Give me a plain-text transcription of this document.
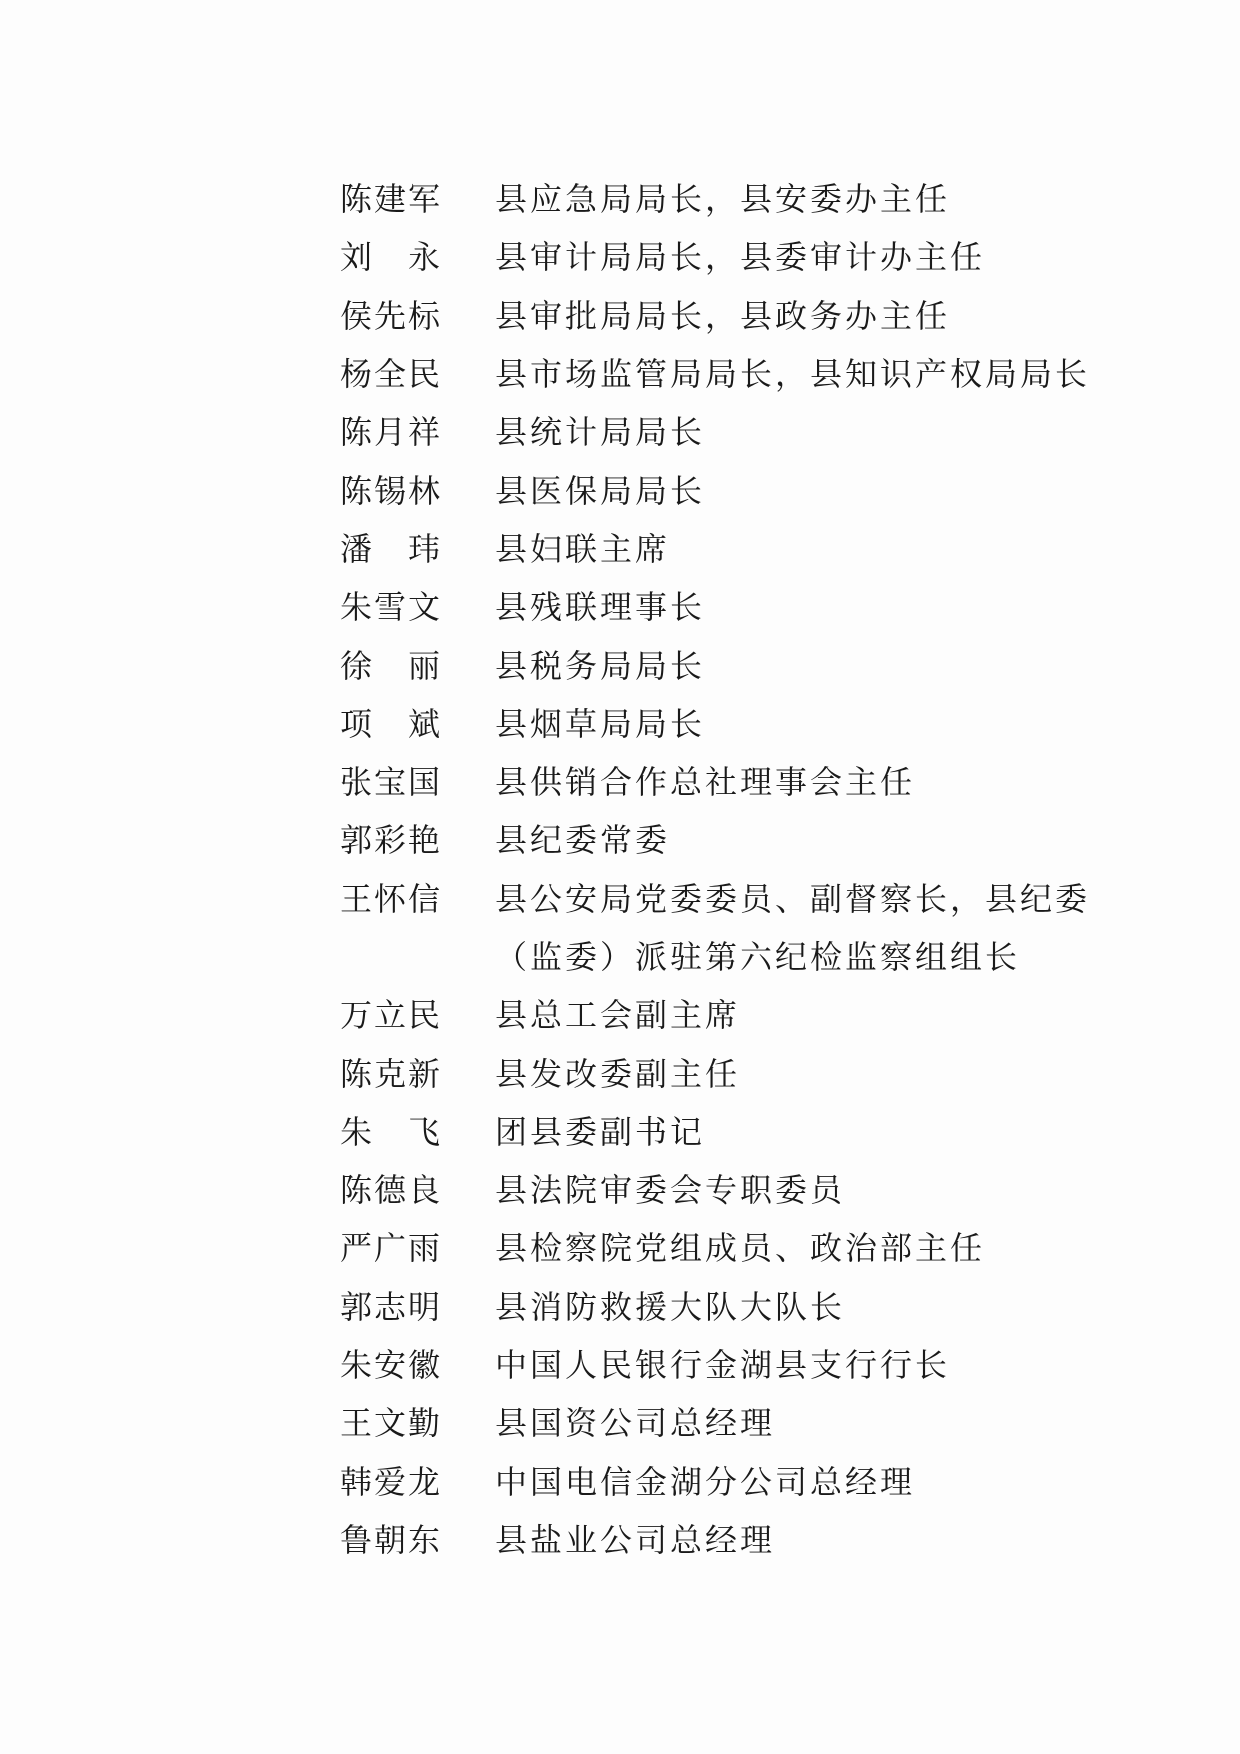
陈建军	县应急局局长，县安委办主任
刘　永	县审计局局长，县委审计办主任
侯先标	县审批局局长，县政务办主任
杨全民	县市场监管局局长，县知识产权局局长
陈月祥	县统计局局长
陈锡林	县医保局局长
潘　玮	县妇联主席
朱雪文	县残联理事长
徐　丽	县税务局局长
项　斌	县烟草局局长
张宝国	县供销合作总社理事会主任
郭彩艳	县纪委常委
王怀信	县公安局党委委员、副督察长，县纪委
（监委）派驻第六纪检监察组组长
万立民	县总工会副主席
陈克新	县发改委副主任
朱　飞	团县委副书记
陈德良	县法院审委会专职委员
严广雨	县检察院党组成员、政治部主任
郭志明	县消防救援大队大队长
朱安徽	中国人民银行金湖县支行行长
王文勤	县国资公司总经理
韩爱龙	中国电信金湖分公司总经理
鲁朝东	县盐业公司总经理
